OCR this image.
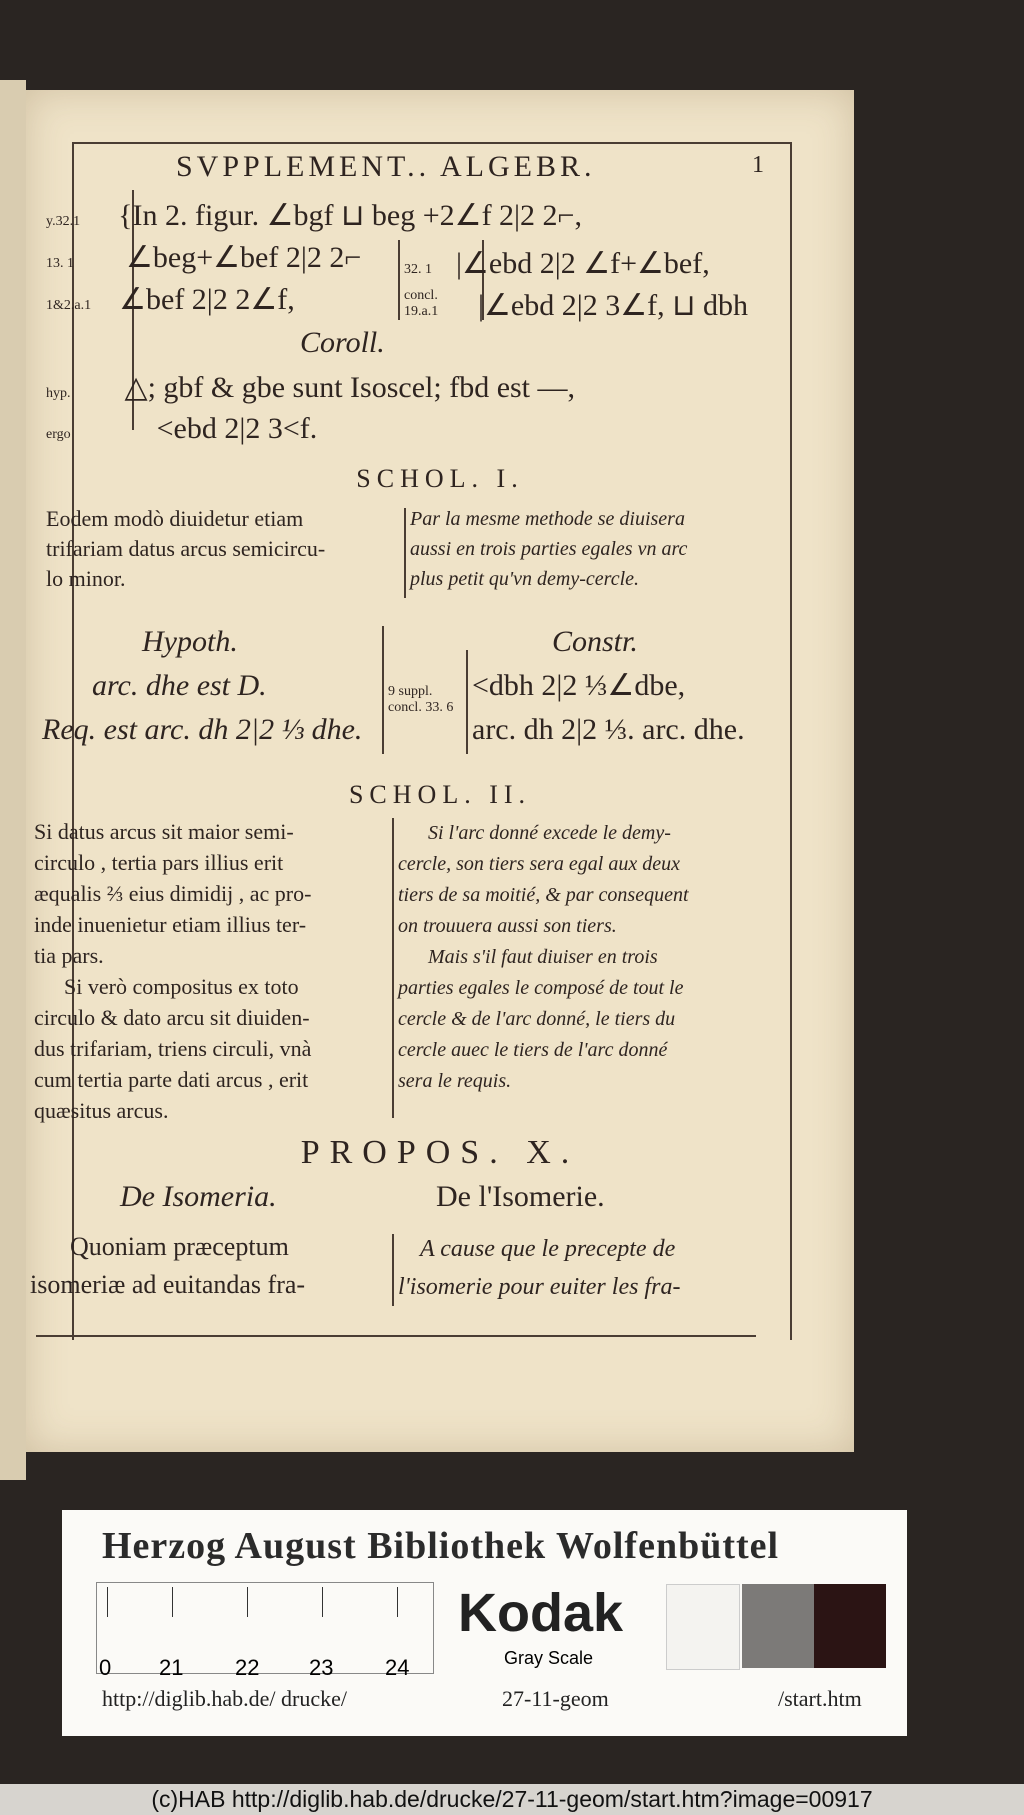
SVPPLEMENT.. ALGEBR.	1
y.32.1 {In 2. figur. ∠bgf ⊔ beg +2∠f 2|2 2⌐,
13. 1 ∠beg+∠bef 2|2 2⌐	32. 1 |∠ebd 2|2 ∠f+∠bef,
1&2.a.1 ∠bef 2|2 2∠f,	concl. 19.a.1 |∠ebd 2|2 3∠f, ⊔ dbh
Coroll.
hyp. △; gbf & gbe sunt Isoscel; fbd est —,
ergo	<ebd 2|2 3<f.
SCHOL. I.
Eodem modò diuidetur etiam
trifariam datus arcus semicircu-
lo minor.
Par la mesme methode se diuisera
aussi en trois parties egales vn arc
plus petit qu'vn demy-cercle.
Hypoth.
arc. dhe est D.
Req. est arc. dh 2|2 ⅓ dhe.
9 suppl. concl. 33. 6
Constr.
<dbh 2|2 ⅓∠dbe,
arc. dh 2|2 ⅓. arc. dhe.
SCHOL. II.
Si datus arcus sit maior semi-
circulo , tertia pars illius erit
æqualis ⅔ eius dimidij , ac pro-
inde inuenietur etiam illius ter-
tia pars.
Si verò compositus ex toto
circulo & dato arcu sit diuiden-
dus trifariam, triens circuli, vnà
cum tertia parte dati arcus , erit
quæsitus arcus.
Si l'arc donné excede le demy-
cercle, son tiers sera egal aux deux
tiers de sa moitié, & par consequent
on trouuera aussi son tiers.
Mais s'il faut diuiser en trois
parties egales le composé de tout le
cercle & de l'arc donné, le tiers du
cercle auec le tiers de l'arc donné
sera le requis.
PROPOS. X.
De Isomeria.	De l'Isomerie.
Quoniam præceptum
isomeriæ ad euitandas fra-
A cause que le precepte de
l'isomerie pour euiter les fra-
Herzog August Bibliothek Wolfenbüttel
0 21 22 23 24
Kodak
Gray Scale
http://diglib.hab.de/ drucke/	27-11-geom	/start.htm
(c)HAB http://diglib.hab.de/drucke/27-11-geom/start.htm?image=00917
